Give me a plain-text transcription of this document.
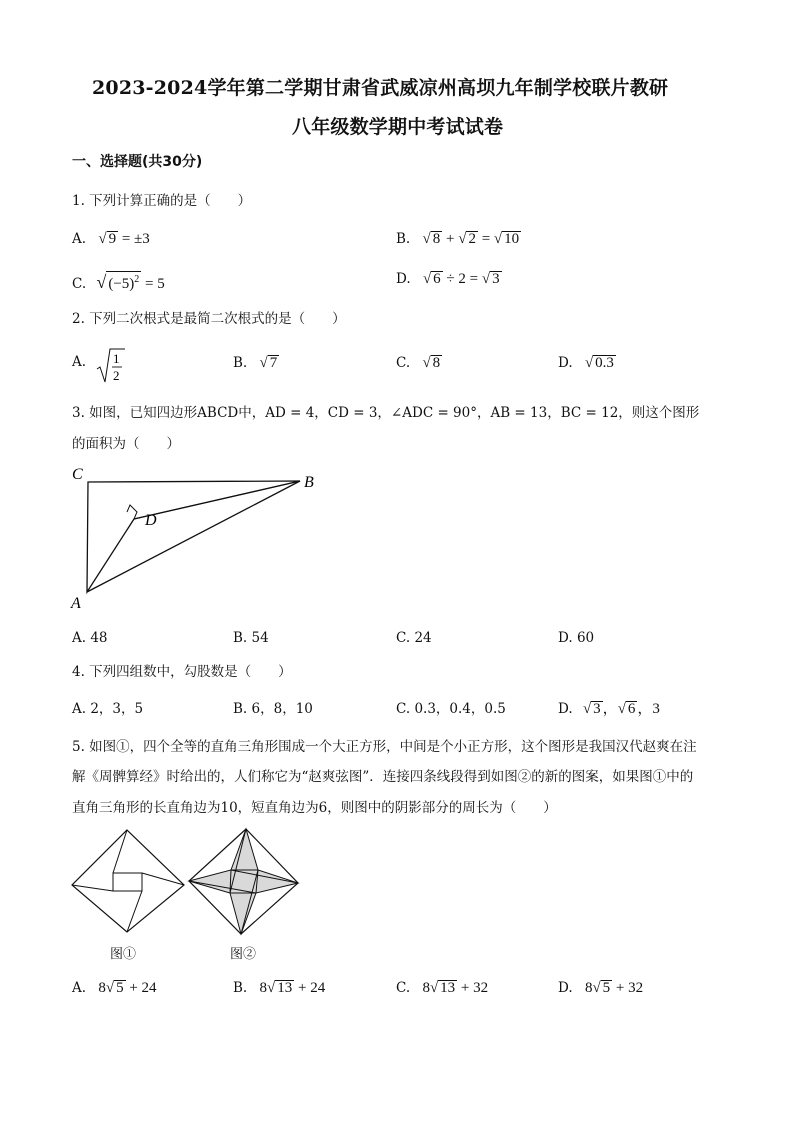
2023-2024学年第二学期甘肃省武威凉州高坝九年制学校联片教研
八年级数学期中考试试卷
一、选择题(共30分)
1. 下列计算正确的是（　　）
A. √ 9 = ±3	B. √ 8 + √ 2 = √ 10
C. √ $(-5)^2 = 5$	D. √ 6 ÷ 2 = √ 3
2. 下列二次根式是最简二次根式的是（　　）
A. 1
2
B. √ 7	C. √ 8	D. √ 0.3
3. 如图，已知四边形ABCD中，AD = 4，CD = 3，∠ADC = 90°，AB = 13，BC = 12，则这个图形
的面积为（　　）
C	B
D
A
A. 48	B. 54	C. 24	D. 60
4. 下列四组数中，勾股数是（　　）
A. 2，3，5	B. 6，8，10	C. 0.3，0.4，0.5	D. √ 3 ，√ 6 ，3
5. 如图①，四个全等的直角三角形围成一个大正方形，中间是个小正方形，这个图形是我国汉代赵爽在注
解《周髀算经》时给出的，人们称它为“赵爽弦图”．连接四条线段得到如图②的新的图案，如果图①中的
直角三角形的长直角边为10，短直角边为6，则图中的阴影部分的周长为（　　）
图①	图②
A. 8√ 5 + 24	B. 8√ 13 + 24	C. 8√ 13 + 32	D. 8√ 5 + 32
